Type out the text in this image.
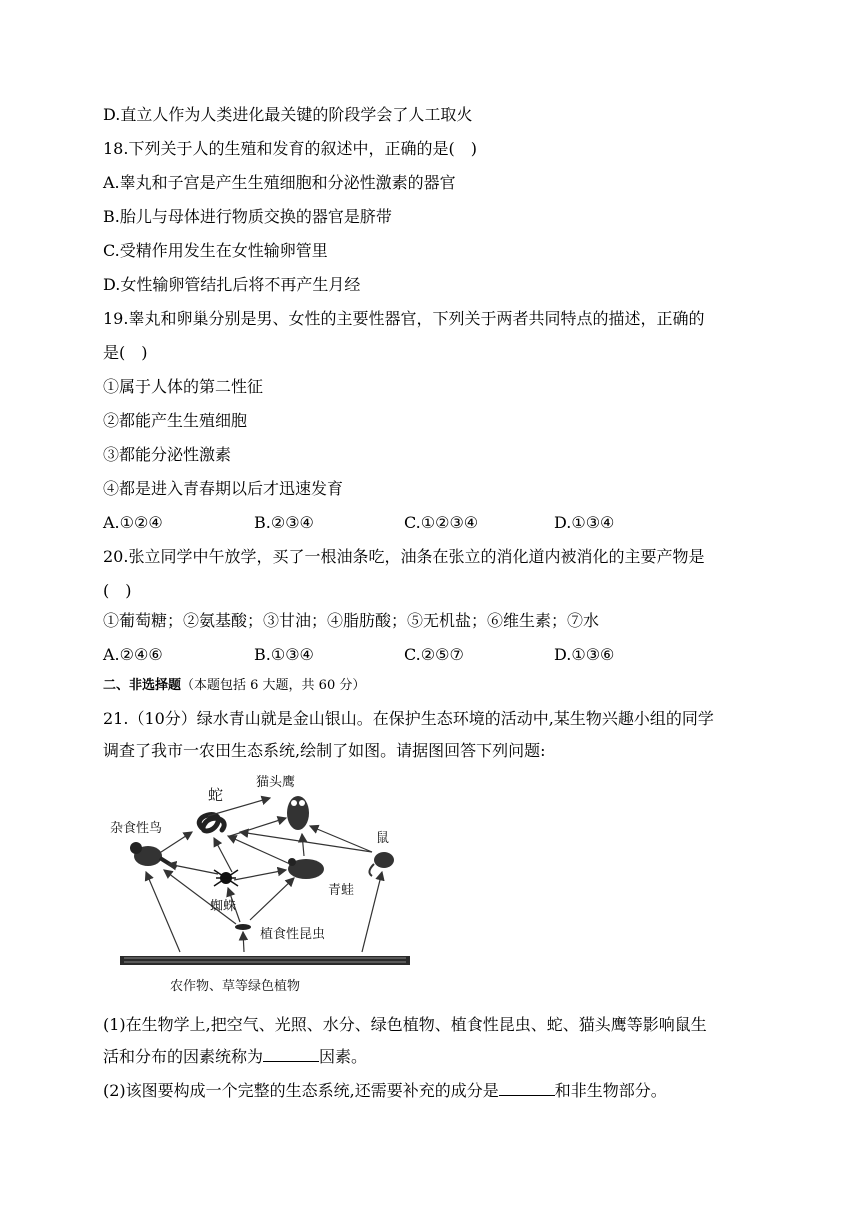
D.直立人作为人类进化最关键的阶段学会了人工取火
18.下列关于人的生殖和发育的叙述中，正确的是(　)
A.睾丸和子宫是产生生殖细胞和分泌性激素的器官
B.胎儿与母体进行物质交换的器官是脐带
C.受精作用发生在女性输卵管里
D.女性输卵管结扎后将不再产生月经
19.睾丸和卵巢分别是男、女性的主要性器官，下列关于两者共同特点的描述，正确的
是(　)
①属于人体的第二性征
②都能产生生殖细胞
③都能分泌性激素
④都是进入青春期以后才迅速发育
A.①②④	B.②③④	C.①②③④	D.①③④
20.张立同学中午放学，买了一根油条吃，油条在张立的消化道内被消化的主要产物是
(　)
①葡萄糖；②氨基酸；③甘油；④脂肪酸；⑤无机盐；⑥维生素；⑦水
A.②④⑥	B.①③④	C.②⑤⑦	D.①③⑥
二、非选择题（本题包括 6 大题，共 60 分）
21.（10分）绿水青山就是金山银山。在保护生态环境的活动中,某生物兴趣小组的同学
调查了我市一农田生态系统,绘制了如图。请据图回答下列问题:
猫头鹰
蛇
杂食性鸟
鼠
青蛙
蜘蛛
植食性昆虫
农作物、草等绿色植物
(1)在生物学上,把空气、光照、水分、绿色植物、植食性昆虫、蛇、猫头鹰等影响鼠生
活和分布的因素统称为	因素。
(2)该图要构成一个完整的生态系统,还需要补充的成分是	和非生物部分。
